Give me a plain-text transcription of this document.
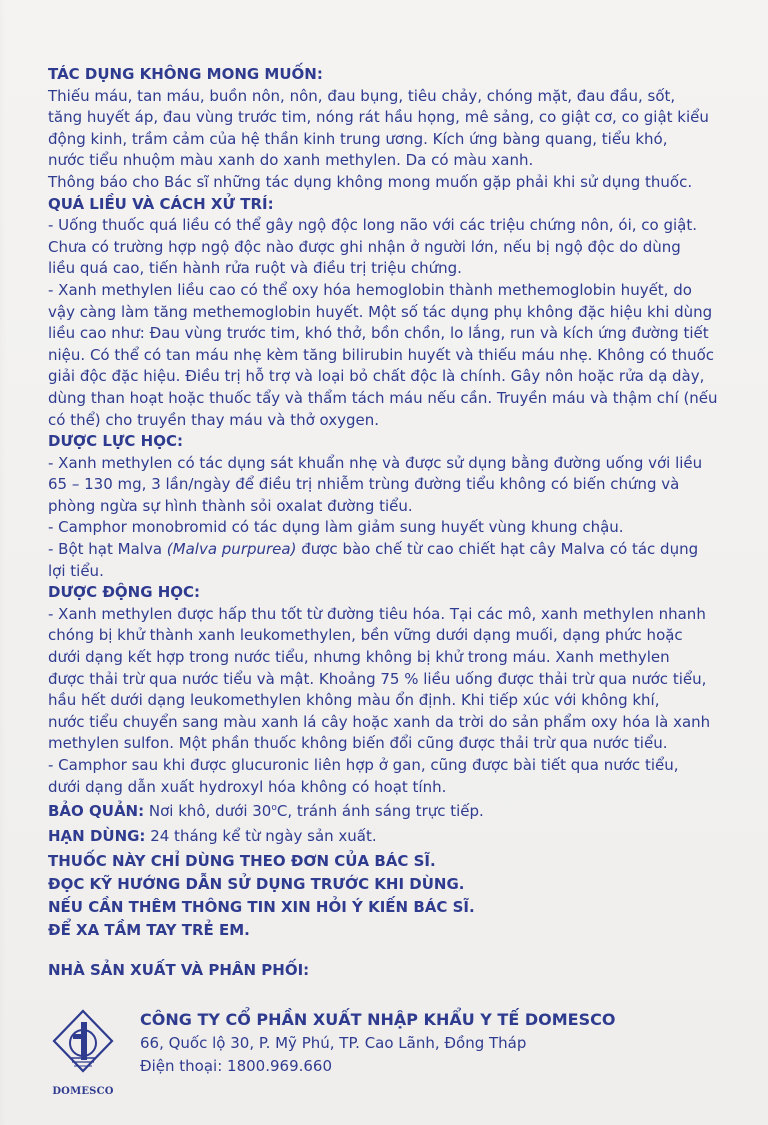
TÁC DỤNG KHÔNG MONG MUỐN:

Thiếu máu, tan máu, buồn nôn, nôn, đau bụng, tiêu chảy, chóng mặt, đau đầu, sốt,

tăng huyết áp, đau vùng trước tim, nóng rát hầu họng, mê sảng, co giật cơ, co giật kiểu

động kinh, trầm cảm của hệ thần kinh trung ương. Kích ứng bàng quang, tiểu khó,

nước tiểu nhuộm màu xanh do xanh methylen. Da có màu xanh.

Thông báo cho Bác sĩ những tác dụng không mong muốn gặp phải khi sử dụng thuốc.

QUÁ LIỀU VÀ CÁCH XỬ TRÍ:

- Uống thuốc quá liều có thể gây ngộ độc long não với các triệu chứng nôn, ói, co giật.

Chưa có trường hợp ngộ độc nào được ghi nhận ở người lớn, nếu bị ngộ độc do dùng

liều quá cao, tiến hành rửa ruột và điều trị triệu chứng.

- Xanh methylen liều cao có thể oxy hóa hemoglobin thành methemoglobin huyết, do

vậy càng làm tăng methemoglobin huyết. Một số tác dụng phụ không đặc hiệu khi dùng

liều cao như: Đau vùng trước tim, khó thở, bồn chồn, lo lắng, run và kích ứng đường tiết

niệu. Có thể có tan máu nhẹ kèm tăng bilirubin huyết và thiếu máu nhẹ. Không có thuốc

giải độc đặc hiệu. Điều trị hỗ trợ và loại bỏ chất độc là chính. Gây nôn hoặc rửa dạ dày,

dùng than hoạt hoặc thuốc tẩy và thẩm tách máu nếu cần. Truyền máu và thậm chí (nếu

có thể) cho truyền thay máu và thở oxygen.

DƯỢC LỰC HỌC:

- Xanh methylen có tác dụng sát khuẩn nhẹ và được sử dụng bằng đường uống với liều

65 – 130 mg, 3 lần/ngày để điều trị nhiễm trùng đường tiểu không có biến chứng và

phòng ngừa sự hình thành sỏi oxalat đường tiểu.

- Camphor monobromid có tác dụng làm giảm sung huyết vùng khung chậu.

- Bột hạt Malva (Malva purpurea) được bào chế từ cao chiết hạt cây Malva có tác dụng

lợi tiểu.

DƯỢC ĐỘNG HỌC:

- Xanh methylen được hấp thu tốt từ đường tiêu hóa. Tại các mô, xanh methylen nhanh

chóng bị khử thành xanh leukomethylen, bền vững dưới dạng muối, dạng phức hoặc

dưới dạng kết hợp trong nước tiểu, nhưng không bị khử trong máu. Xanh methylen

được thải trừ qua nước tiểu và mật. Khoảng 75 % liều uống được thải trừ qua nước tiểu,

hầu hết dưới dạng leukomethylen không màu ổn định. Khi tiếp xúc với không khí,

nước tiểu chuyển sang màu xanh lá cây hoặc xanh da trời do sản phẩm oxy hóa là xanh

methylen sulfon. Một phần thuốc không biến đổi cũng được thải trừ qua nước tiểu.

- Camphor sau khi được glucuronic liên hợp ở gan, cũng được bài tiết qua nước tiểu,

dưới dạng dẫn xuất hydroxyl hóa không có hoạt tính.

BẢO QUẢN: Nơi khô, dưới 30$^o$C, tránh ánh sáng trực tiếp.

HẠN DÙNG: 24 tháng kể từ ngày sản xuất.

THUỐC NÀY CHỈ DÙNG THEO ĐƠN CỦA BÁC SĨ.

ĐỌC KỸ HƯỚNG DẪN SỬ DỤNG TRƯỚC KHI DÙNG.

NẾU CẦN THÊM THÔNG TIN XIN HỎI Ý KIẾN BÁC SĨ.

ĐỂ XA TẦM TAY TRẺ EM.

NHÀ SẢN XUẤT VÀ PHÂN PHỐI:

DOMESCO

CÔNG TY CỔ PHẦN XUẤT NHẬP KHẨU Y TẾ DOMESCO

66, Quốc lộ 30, P. Mỹ Phú, TP. Cao Lãnh, Đồng Tháp

Điện thoại: 1800.969.660
